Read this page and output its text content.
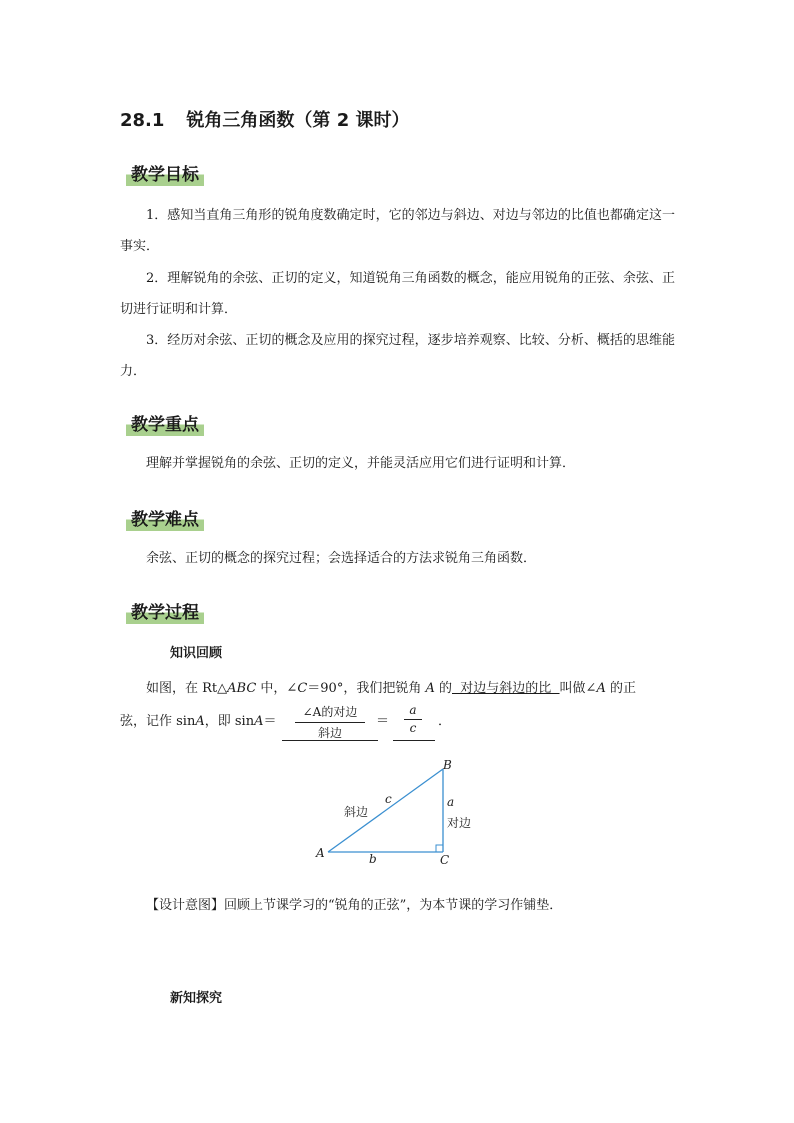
28.1 锐角三角函数（第 2 课时）
教学目标
1．感知当直角三角形的锐角度数确定时，它的邻边与斜边、对边与邻边的比值也都确定这一事实．
2．理解锐角的余弦、正切的定义，知道锐角三角函数的概念，能应用锐角的正弦、余弦、正切进行证明和计算．
3．经历对余弦、正切的概念及应用的探究过程，逐步培养观察、比较、分析、概括的思维能力．
教学重点
理解并掌握锐角的余弦、正切的定义，并能灵活应用它们进行证明和计算．
教学难点
余弦、正切的概念的探究过程；会选择适合的方法求锐角三角函数．
教学过程
知识回顾
如图，在 Rt△ABC 中，∠C＝90°，我们把锐角 A 的  对边与斜边的比  叫做∠A 的正
弦，记作 sinA，即 sinA＝
∠A的对边
斜边
＝ $\frac{a}{c}$ ．
A
B
C
a
b
c
斜边
对边
【设计意图】回顾上节课学习的“锐角的正弦”，为本节课的学习作铺垫．
新知探究
